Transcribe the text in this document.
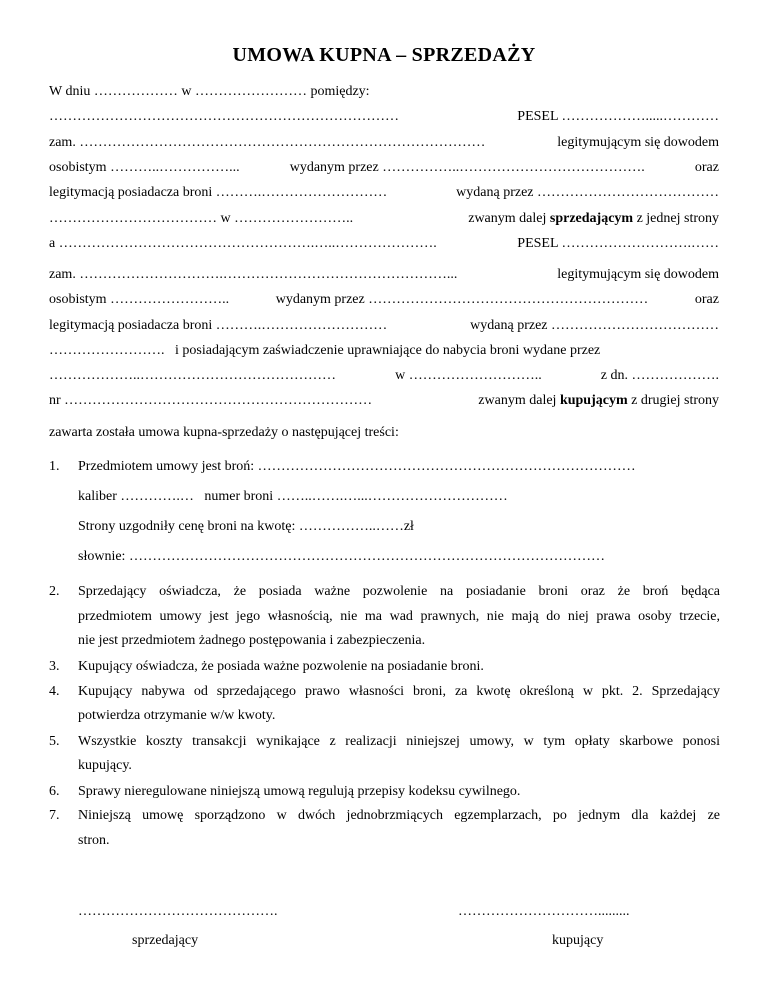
UMOWA KUPNA – SPRZEDAŻY
W dniu ……………… w …………………… pomiędzy:
…………………………………………………………………	PESEL ……………….....…………
zam. ……………………………………………………………………………	legitymującym się dowodem
osobistym ………..……………...	wydanym przez ……………..………………………………….	oraz
legitymacją posiadacza broni ……….………………………	wydaną przez …………………………………
……………………………… w ……………………..	zwanym dalej sprzedającym z jednej strony
a ……………………………………………….…..………………….	PESEL ……………………….……
zam. ………………………….…………………………………………...	legitymującym się dowodem
osobistym ……………………..	wydanym przez ……………………………………………………	oraz
legitymacją posiadacza broni ……….………………………	wydaną przez ………………………………
……………………. i posiadającym zaświadczenie uprawniające do nabycia broni wydane przez
………………..……………………………………	w ………………………..	z dn. ……………….
nr …………………………………………………………	zwanym dalej kupującym z drugiej strony
zawarta została umowa kupna-sprzedaży o następującej treści:
1. Przedmiotem umowy jest broń: ………………………………………………………………………
kaliber ………….… numer broni ……..…….…...…………………………
Strony uzgodniły cenę broni na kwotę: ……………..……zł
słownie: …………………………………………………………………………………………
2. Sprzedający oświadcza, że posiada ważne pozwolenie na posiadanie broni oraz że broń będąca
przedmiotem umowy jest jego własnością, nie ma wad prawnych, nie mają do niej prawa osoby trzecie,
nie jest przedmiotem żadnego postępowania i zabezpieczenia.
3. Kupujący oświadcza, że posiada ważne pozwolenie na posiadanie broni.
4. Kupujący nabywa od sprzedającego prawo własności broni, za kwotę określoną w pkt. 2. Sprzedający
potwierdza otrzymanie w/w kwoty.
5. Wszystkie koszty transakcji wynikające z realizacji niniejszej umowy, w tym opłaty skarbowe ponosi
kupujący.
6. Sprawy nieregulowane niniejszą umową regulują przepisy kodeksu cywilnego.
7. Niniejszą umowę sporządzono w dwóch jednobrzmiących egzemplarzach, po jednym dla każdej ze
stron.
…………………………………….	………………………….........
sprzedający	kupujący
